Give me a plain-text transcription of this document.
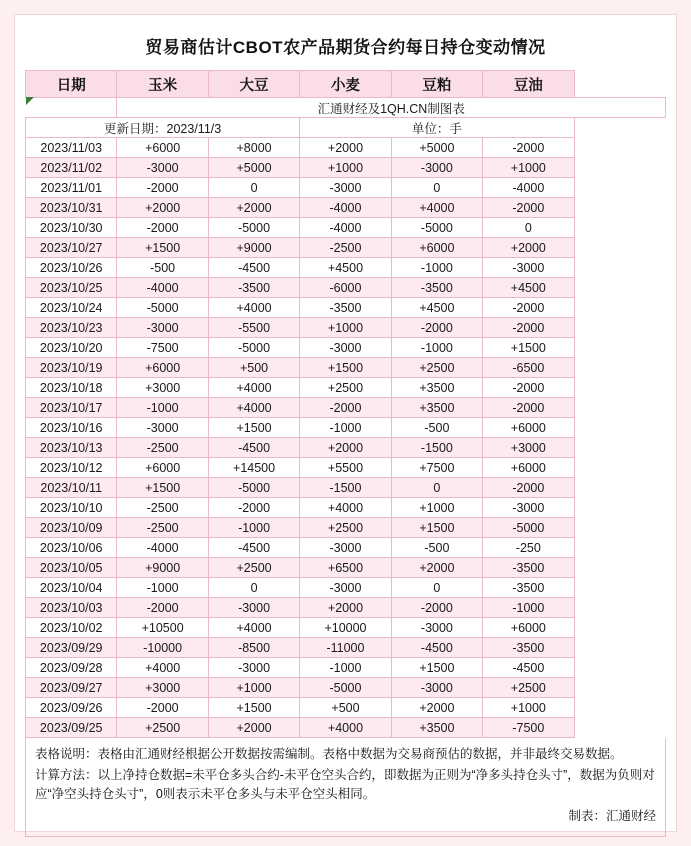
贸易商估计CBOT农产品期货合约每日持仓变动情况
	汇通财经及1QH.CN制图表				
更新日期：2023/11/3			单位：手		
日期	玉米	大豆	小麦	豆粕	豆油
2023/11/03	+6000	+8000	+2000	+5000	-2000
2023/11/02	-3000	+5000	+1000	-3000	+1000
2023/11/01	-2000	0	-3000	0	-4000
2023/10/31	+2000	+2000	-4000	+4000	-2000
2023/10/30	-2000	-5000	-4000	-5000	0
2023/10/27	+1500	+9000	-2500	+6000	+2000
2023/10/26	-500	-4500	+4500	-1000	-3000
2023/10/25	-4000	-3500	-6000	-3500	+4500
2023/10/24	-5000	+4000	-3500	+4500	-2000
2023/10/23	-3000	-5500	+1000	-2000	-2000
2023/10/20	-7500	-5000	-3000	-1000	+1500
2023/10/19	+6000	+500	+1500	+2500	-6500
2023/10/18	+3000	+4000	+2500	+3500	-2000
2023/10/17	-1000	+4000	-2000	+3500	-2000
2023/10/16	-3000	+1500	-1000	-500	+6000
2023/10/13	-2500	-4500	+2000	-1500	+3000
2023/10/12	+6000	+14500	+5500	+7500	+6000
2023/10/11	+1500	-5000	-1500	0	-2000
2023/10/10	-2500	-2000	+4000	+1000	-3000
2023/10/09	-2500	-1000	+2500	+1500	-5000
2023/10/06	-4000	-4500	-3000	-500	-250
2023/10/05	+9000	+2500	+6500	+2000	-3500
2023/10/04	-1000	0	-3000	0	-3500
2023/10/03	-2000	-3000	+2000	-2000	-1000
2023/10/02	+10500	+4000	+10000	-3000	+6000
2023/09/29	-10000	-8500	-11000	-4500	-3500
2023/09/28	+4000	-3000	-1000	+1500	-4500
2023/09/27	+3000	+1000	-5000	-3000	+2500
2023/09/26	-2000	+1500	+500	+2000	+1000
2023/09/25	+2500	+2000	+4000	+3500	-7500

表格说明：表格由汇通财经根据公开数据按需编制。表格中数据为交易商预估的数据，并非最终交易数据。

计算方法：以上净持仓数据=未平仓多头合约-未平仓空头合约，即数据为正则为“净多头持仓头寸”，数据为负则对应“净空头持仓头寸”，0则表示未平仓多头与未平仓空头相同。

制表：汇通财经
